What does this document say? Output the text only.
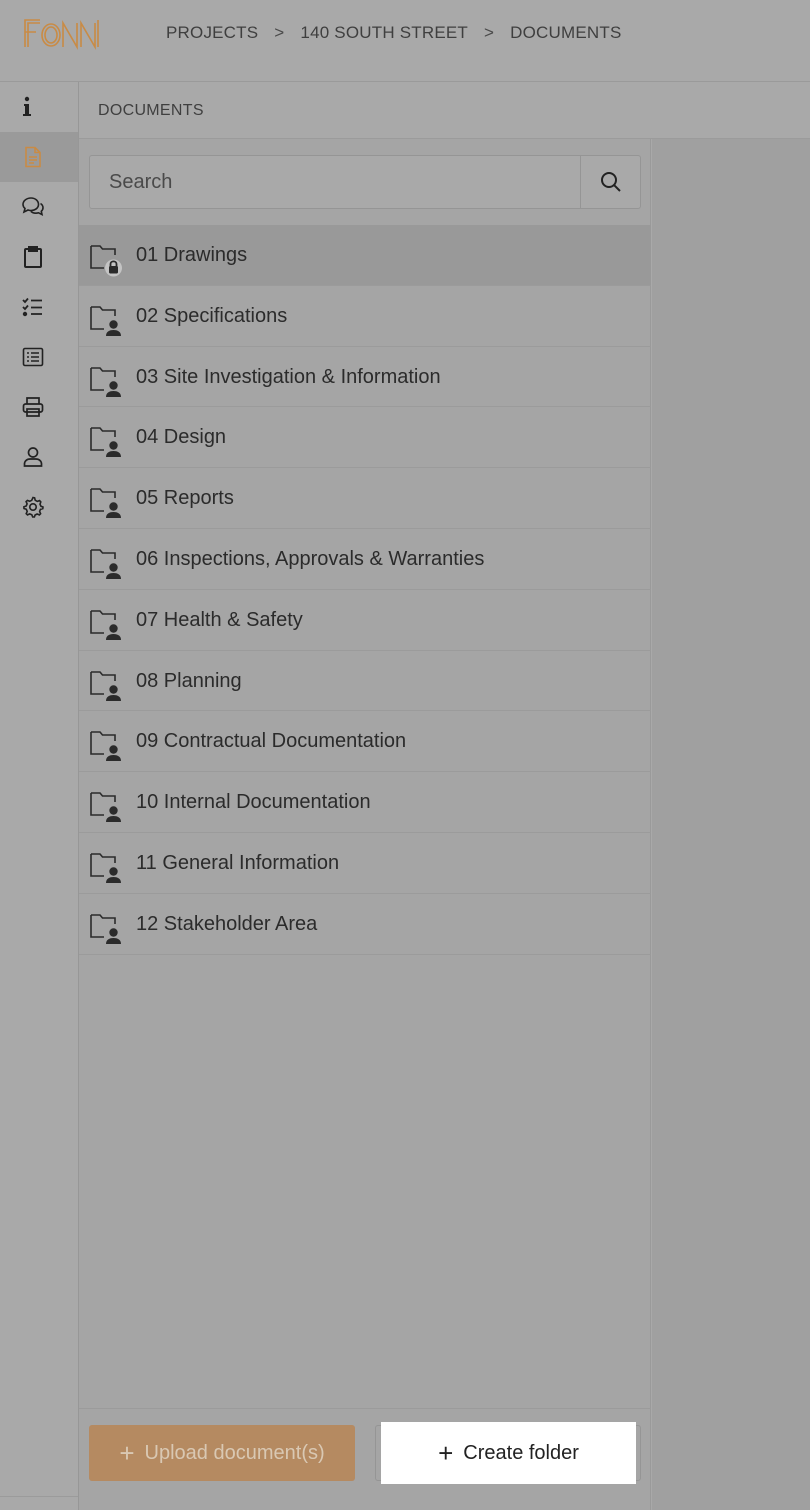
PROJECTS > 140 SOUTH STREET > DOCUMENTS
DOCUMENTS
Search
01 Drawings
02 Specifications
03 Site Investigation & Information
04 Design
05 Reports
06 Inspections, Approvals & Warranties
07 Health & Safety
08 Planning
09 Contractual Documentation
10 Internal Documentation
11 General Information
12 Stakeholder Area
+ Upload document(s)	+ Create folder
